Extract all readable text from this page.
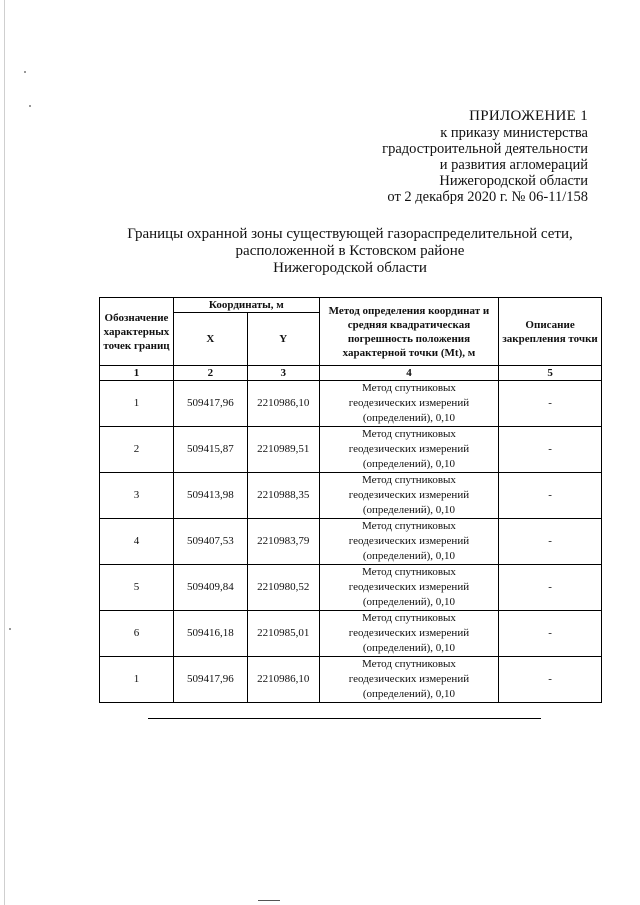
ПРИЛОЖЕНИЕ 1
к приказу министерства
градостроительной деятельности
и развития агломераций
Нижегородской области
от 2 декабря 2020 г. № 06-11/158
Границы охранной зоны существующей газораспределительной сети,
расположенной в Кстовском районе
Нижегородской области
Обозначение характерных точек границ	Координаты, м		Метод определения координат и средняя квадратическая погрешность положения характерной точки (Mt), м	Описание закрепления точки
	X	Y		
1	2	3	4	5
1	509417,96	2210986,10	Метод спутниковых
геодезических измерений
(определений), 0,10	-
2	509415,87	2210989,51	Метод спутниковых
геодезических измерений
(определений), 0,10	-
3	509413,98	2210988,35	Метод спутниковых
геодезических измерений
(определений), 0,10	-
4	509407,53	2210983,79	Метод спутниковых
геодезических измерений
(определений), 0,10	-
5	509409,84	2210980,52	Метод спутниковых
геодезических измерений
(определений), 0,10	-
6	509416,18	2210985,01	Метод спутниковых
геодезических измерений
(определений), 0,10	-
1	509417,96	2210986,10	Метод спутниковых
геодезических измерений
(определений), 0,10	-
